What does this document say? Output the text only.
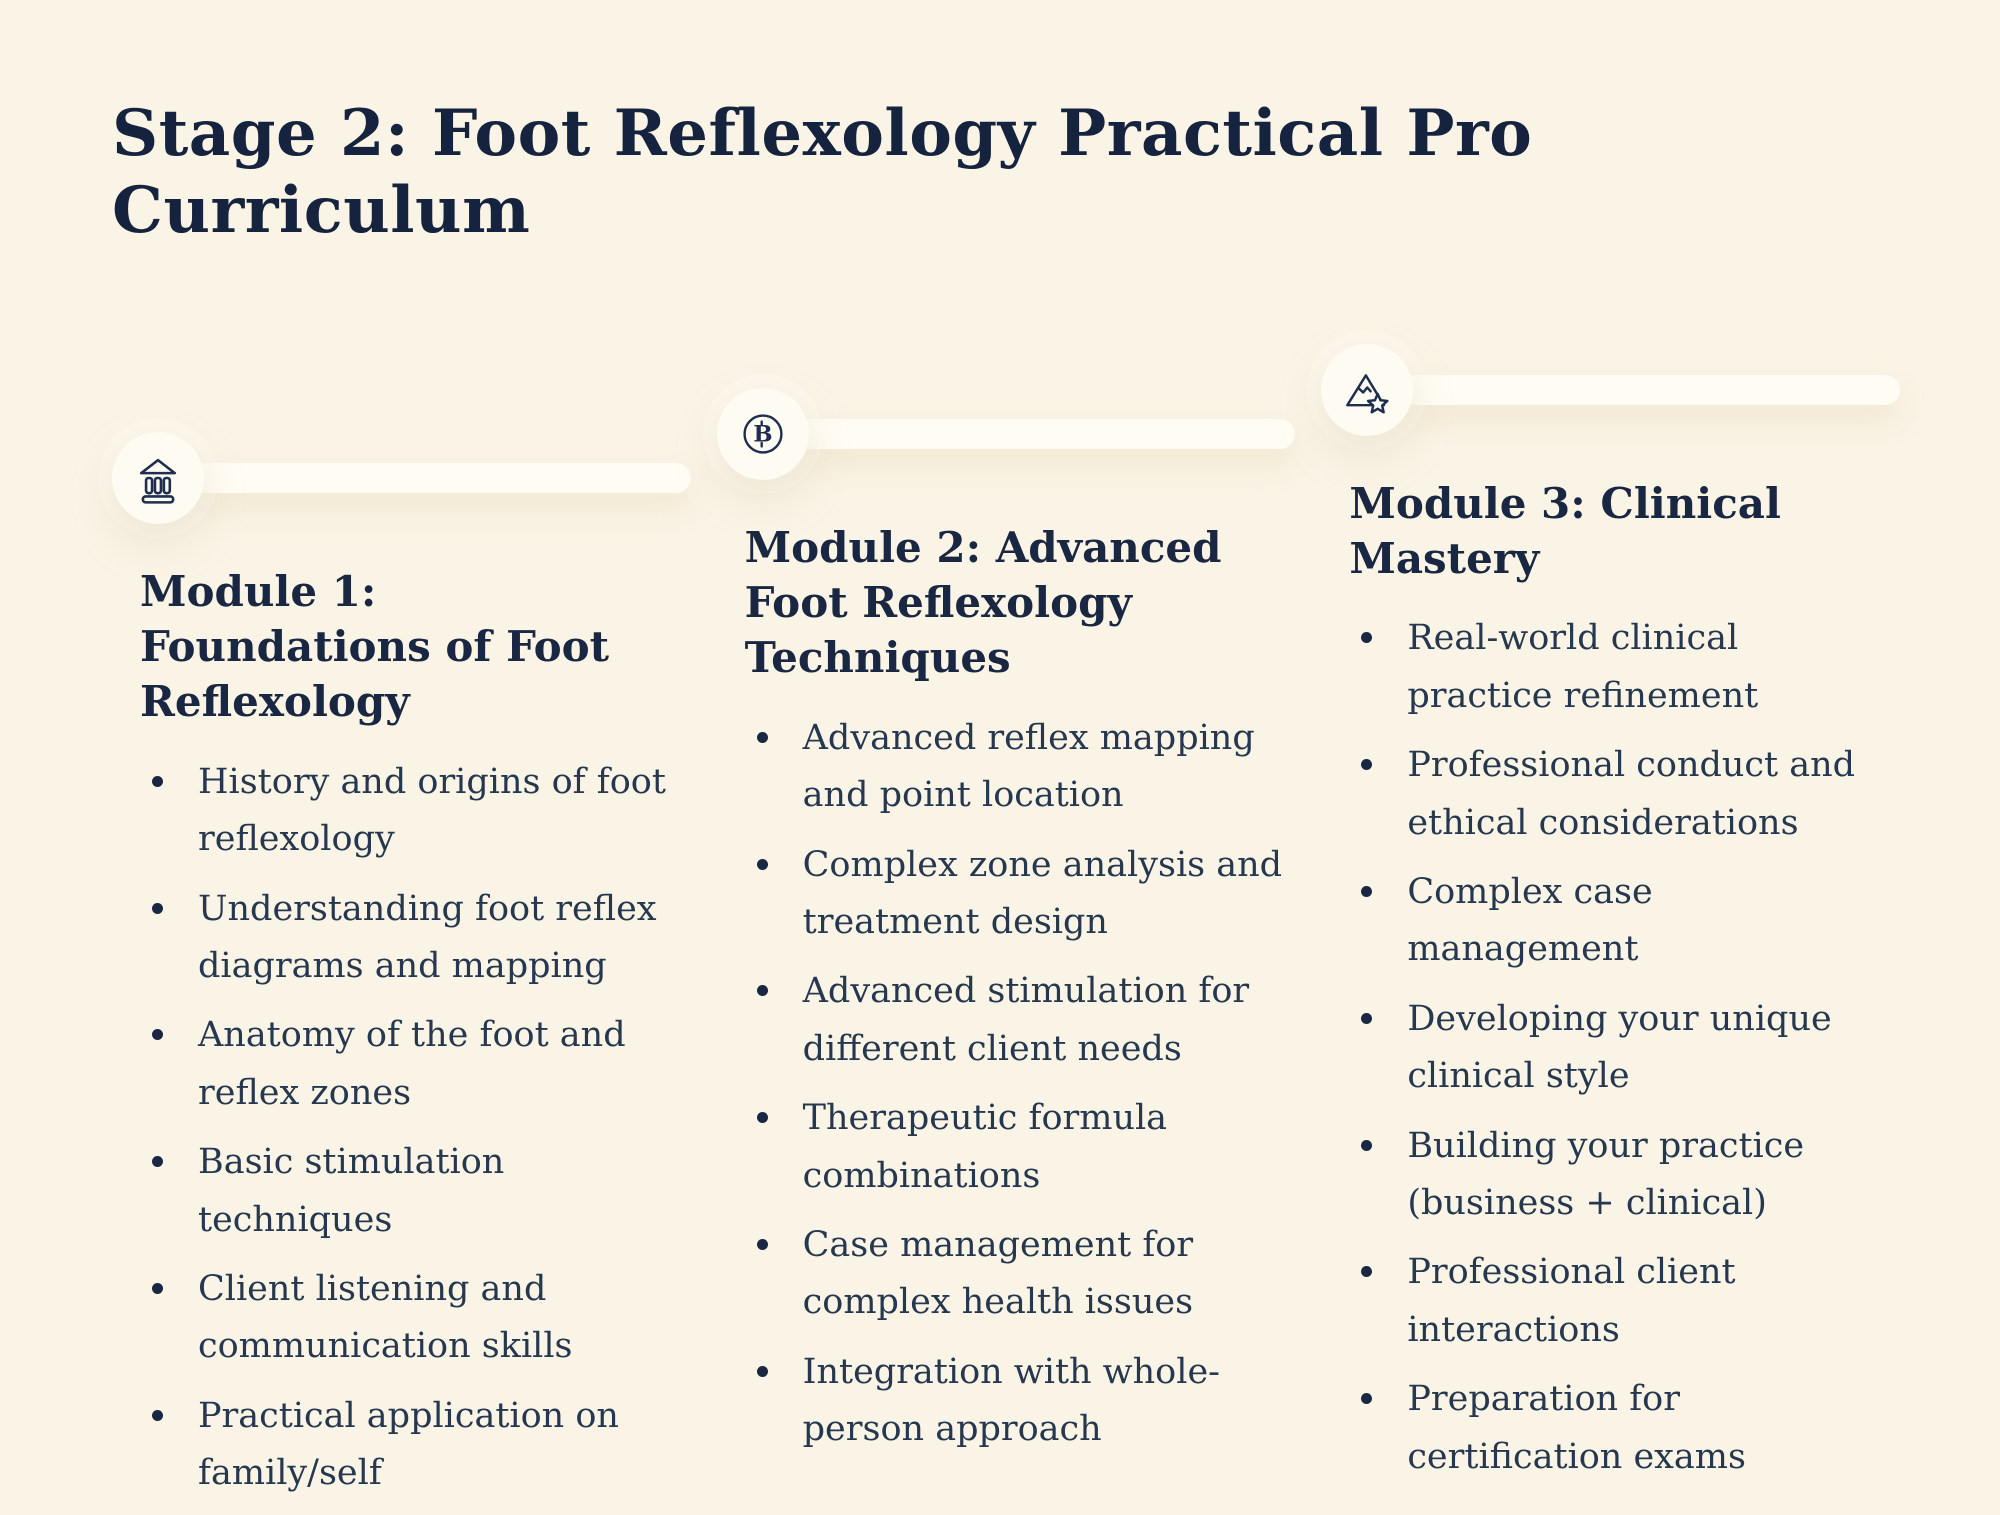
Stage 2: Foot Reflexology Practical Pro Curriculum
Module 1: Foundations of Foot Reflexology
History and origins of foot reflexology
Understanding foot reflex diagrams and mapping
Anatomy of the foot and reflex zones
Basic stimulation techniques
Client listening and communication skills
Practical application on family/self
B
Module 2: Advanced Foot Reflexology Techniques
Advanced reflex mapping and point location
Complex zone analysis and treatment design
Advanced stimulation for different client needs
Therapeutic formula combinations
Case management for complex health issues
Integration with whole-person approach
Module 3: Clinical Mastery
Real-world clinical practice refinement
Professional conduct and ethical considerations
Complex case management
Developing your unique clinical style
Building your practice (business + clinical)
Professional client interactions
Preparation for certification exams
